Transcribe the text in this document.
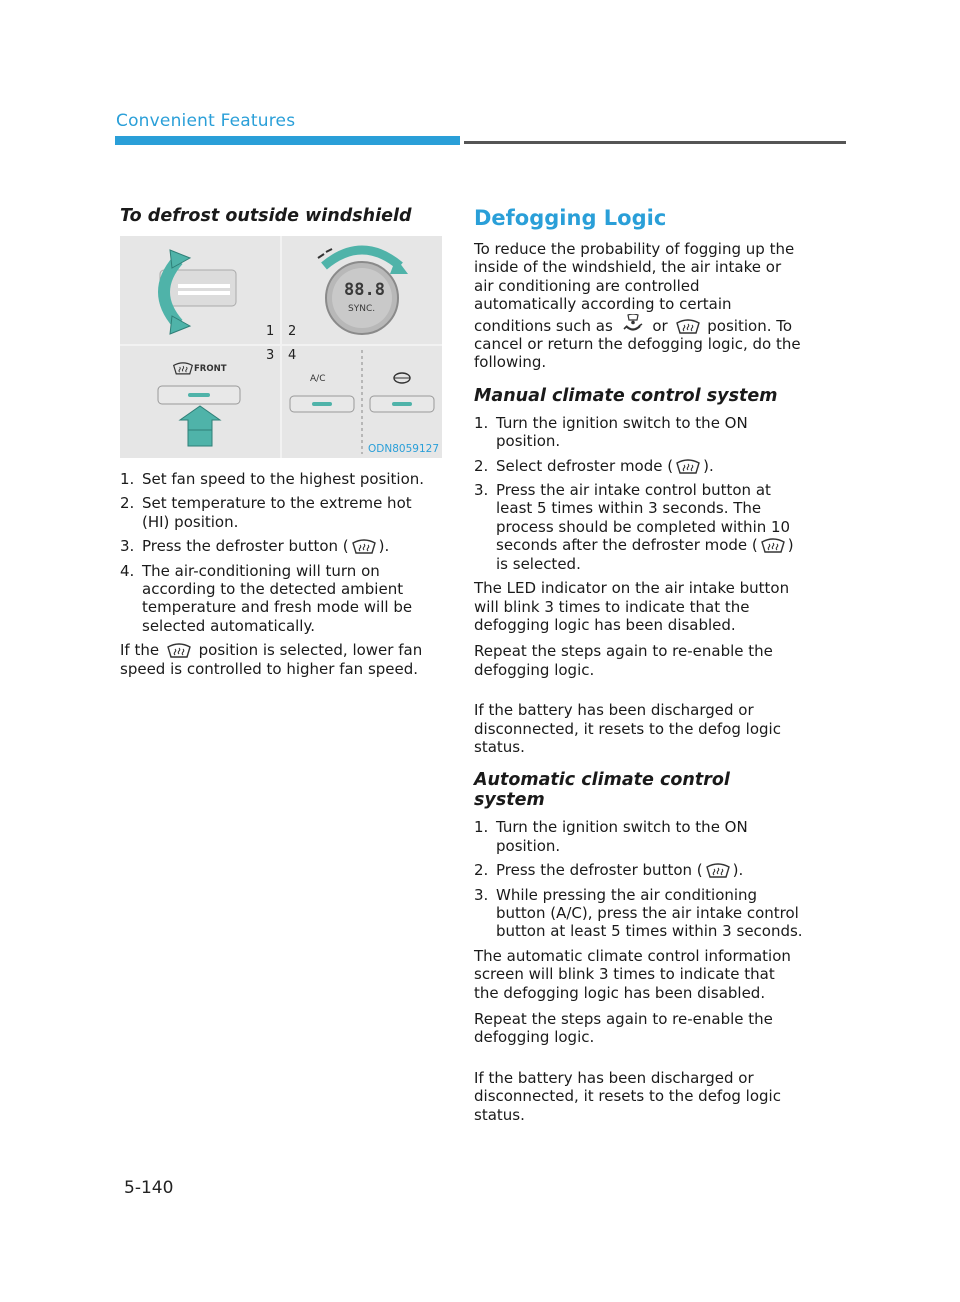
Convenient Features
To defrost outside windshield
1
88.8
SYNC.
2
3
FRONT
4
A/C
ODN8059127
1. Set fan speed to the highest position.
2. Set temperature to the extreme hot (HI) position.
3. Press the defroster button ( ).
4. The air-conditioning will turn on according to the detected ambient temperature and fresh mode will be selected automatically.

If the	position is selected, lower fan speed is controlled to higher fan speed.

Defogging Logic

To reduce the probability of fogging up the inside of the windshield, the air intake or air conditioning are controlled automatically according to certain conditions such as	or	position. To cancel or return the defogging logic, do the following.

Manual climate control system
1. Turn the ignition switch to the ON position.
2. Select defroster mode ( ).
3. Press the air intake control button at least 5 times within 3 seconds. The process should be completed within 10 seconds after the defroster mode ( ) is selected.

The LED indicator on the air intake button will blink 3 times to indicate that the defogging logic has been disabled.

Repeat the steps again to re-enable the defogging logic.

If the battery has been discharged or disconnected, it resets to the defog logic status.

Automatic climate control system
1. Turn the ignition switch to the ON position.
2. Press the defroster button ( ).
3. While pressing the air conditioning button (A/C), press the air intake control button at least 5 times within 3 seconds.

The automatic climate control information screen will blink 3 times to indicate that the defogging logic has been disabled.

Repeat the steps again to re-enable the defogging logic.

If the battery has been discharged or disconnected, it resets to the defog logic status.

5-140
